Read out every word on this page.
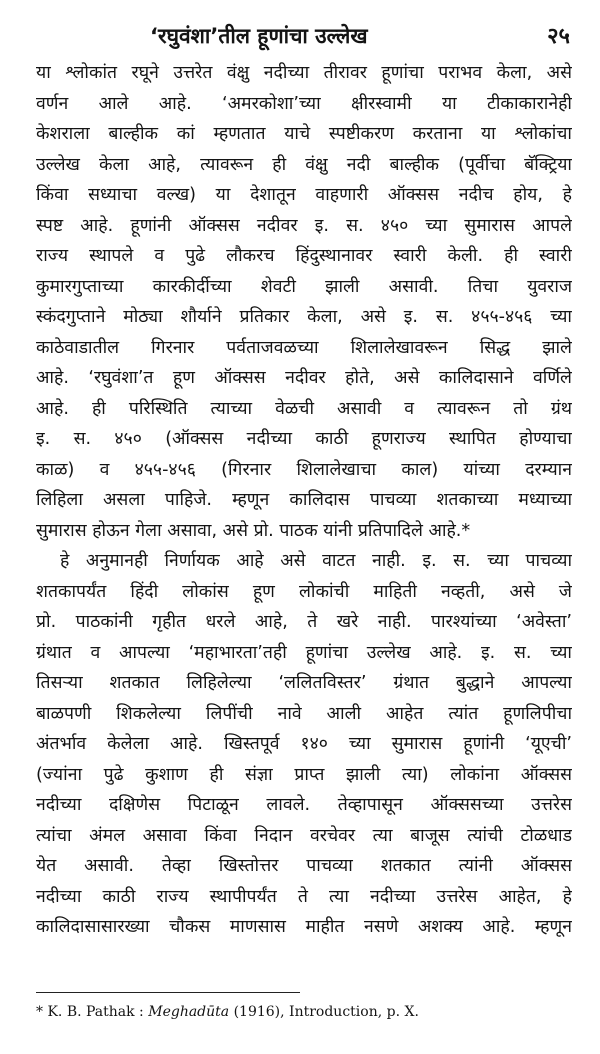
‘रघुवंशा’तील हूणांचा उल्लेख	२५
या श्लोकांत रघूने उत्तरेत वंक्षु नदीच्या तीरावर हूणांचा पराभव केला, असे
वर्णन आले आहे. ‘अमरकोशा’च्या क्षीरस्वामी या टीकाकारानेही
केशराला बाल्हीक कां म्हणतात याचे स्पष्टीकरण करताना या श्लोकांचा
उल्लेख केला आहे, त्यावरून ही वंक्षु नदी बाल्हीक (पूर्वीचा बॅक्ट्रिया
किंवा सध्याचा वल्ख) या देशातून वाहणारी ऑक्सस नदीच होय, हे
स्पष्ट आहे. हूणांनी ऑक्सस नदीवर इ. स. ४५० च्या सुमारास आपले
राज्य स्थापले व पुढे लौकरच हिंदुस्थानावर स्वारी केली. ही स्वारी
कुमारगुप्ताच्या कारकीर्दीच्या शेवटी झाली असावी. तिचा युवराज
स्कंदगुप्ताने मोठ्या शौर्याने प्रतिकार केला, असे इ. स. ४५५-४५६ च्या
काठेवाडातील गिरनार पर्वताजवळच्या शिलालेखावरून सिद्ध झाले
आहे. ‘रघुवंशा’त हूण ऑक्सस नदीवर होते, असे कालिदासाने वर्णिले
आहे. ही परिस्थिति त्याच्या वेळची असावी व त्यावरून तो ग्रंथ
इ. स. ४५० (ऑक्सस नदीच्या काठी हूणराज्य स्थापित होण्याचा
काळ) व ४५५-४५६ (गिरनार शिलालेखाचा काल) यांच्या दरम्यान
लिहिला असला पाहिजे. म्हणून कालिदास पाचव्या शतकाच्या मध्याच्या
सुमारास होऊन गेला असावा, असे प्रो. पाठक यांनी प्रतिपादिले आहे.*
हे अनुमानही निर्णायक आहे असे वाटत नाही. इ. स. च्या पाचव्या
शतकापर्यंत हिंदी लोकांस हूण लोकांची माहिती नव्हती, असे जे
प्रो. पाठकांनी गृहीत धरले आहे, ते खरे नाही. पारश्यांच्या ‘अवेस्ता’
ग्रंथात व आपल्या ‘महाभारता’तही हूणांचा उल्लेख आहे. इ. स. च्या
तिसऱ्या शतकात लिहिलेल्या ‘ललितविस्तर’ ग्रंथात बुद्धाने आपल्या
बाळपणी शिकलेल्या लिपींची नावे आली आहेत त्यांत हूणलिपीचा
अंतर्भाव केलेला आहे. खिस्तपूर्व १४० च्या सुमारास हूणांनी ‘यूएची’
(ज्यांना पुढे कुशाण ही संज्ञा प्राप्त झाली त्या) लोकांना ऑक्सस
नदीच्या दक्षिणेस पिटाळून लावले. तेव्हापासून ऑक्ससच्या उत्तरेस
त्यांचा अंमल असावा किंवा निदान वरचेवर त्या बाजूस त्यांची टोळधाड
येत असावी. तेव्हा खिस्तोत्तर पाचव्या शतकात त्यांनी ऑक्सस
नदीच्या काठी राज्य स्थापीपर्यंत ते त्या नदीच्या उत्तरेस आहेत, हे
कालिदासासारख्या चौकस माणसास माहीत नसणे अशक्य आहे. म्हणून
* K. B. Pathak : Meghadūta (1916), Introduction, p. X.
